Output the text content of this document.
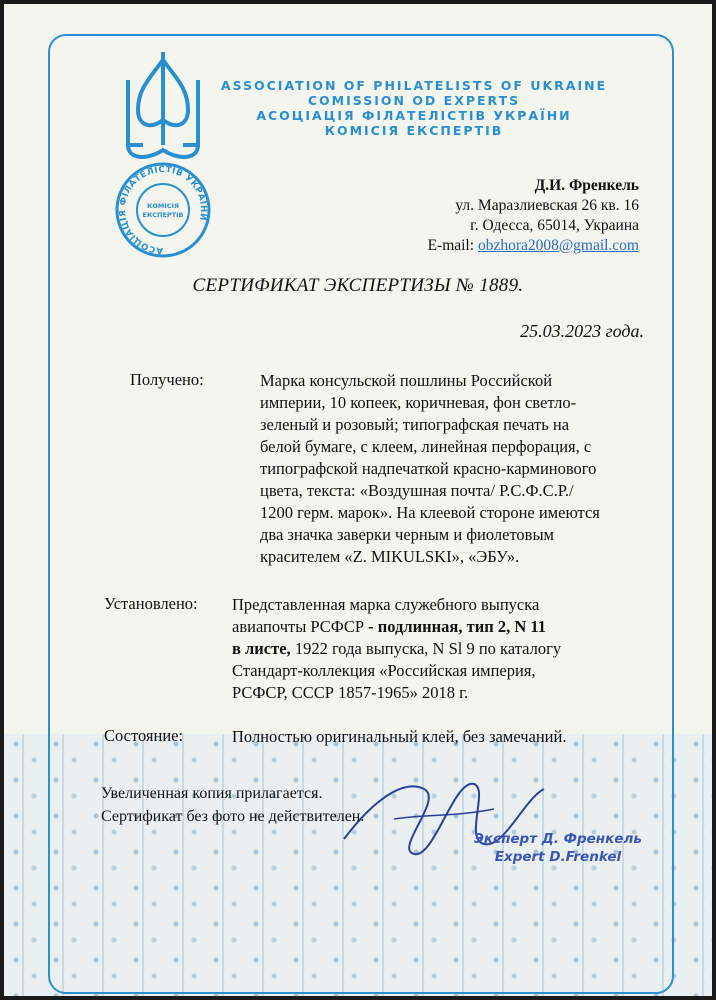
АСОЦІАЦІЯ ФІЛАТЕЛІСТІВ УКРАЇНИ
КОМІСІЯ
ЕКСПЕРТІВ
ASSOCIATION OF PHILATELISTS OF UKRAINE
COMISSION OD EXPERTS
АСОЦІАЦІЯ ФІЛАТЕЛІСТІВ УКРАЇНИ
КОМІСІЯ ЕКСПЕРТІВ
Д.И. Френкель
ул. Маразлиевская 26 кв. 16
г. Одесса, 65014, Украина
E-mail: obzhora2008@gmail.com
СЕРТИФИКАТ ЭКСПЕРТИЗЫ № 1889.
25.03.2023 года.
Получено:	Марка консульской пошлины Российской
империи, 10 копеек, коричневая, фон светло-
зеленый и розовый; типографская печать на
белой бумаге, с клеем, линейная перфорация, с
типографской надпечаткой красно-карминового
цвета, текста: «Воздушная почта/ Р.С.Ф.С.Р./
1200 герм. марок». На клеевой стороне имеются
два значка заверки черным и фиолетовым
красителем «Z. MIKULSKI», «ЭБУ».
Установлено: Представленная марка служебного выпуска
авиапочты РСФСР - подлинная, тип 2, N 11
в листе, 1922 года выпуска, N Sl 9 по каталогу
Стандарт-коллекция «Российская империя,
РСФСР, СССР 1857-1965» 2018 г.
Состояние:	Полностью оригинальный клей, без замечаний.
Увеличенная копия прилагается.
Сертификат без фото не действителен.
Эксперт Д. Френкель
Expert D.Frenkel
